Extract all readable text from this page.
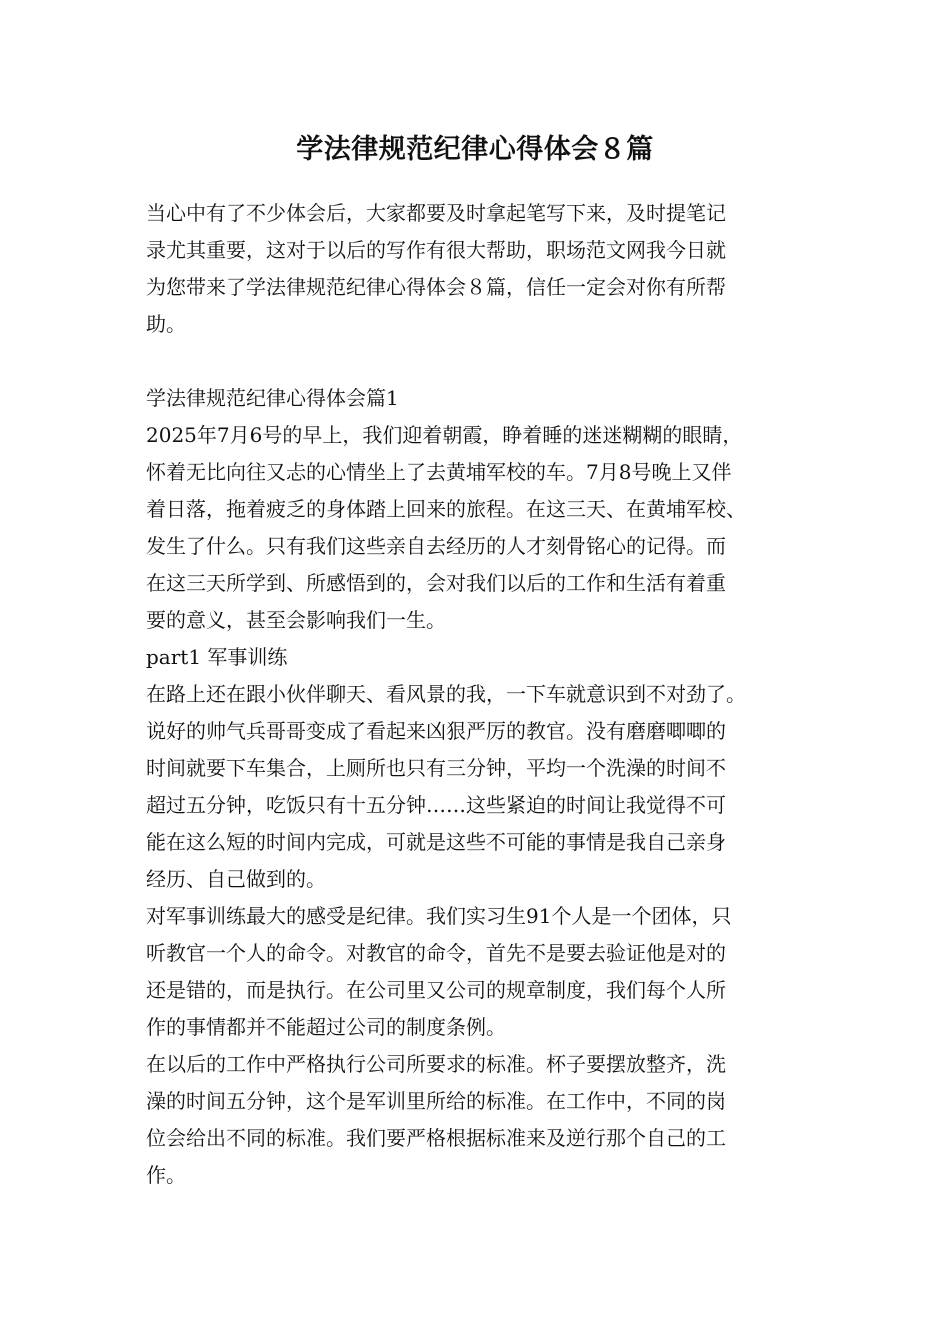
学法律规范纪律心得体会８篇
当心中有了不少体会后，大家都要及时拿起笔写下来，及时提笔记
录尤其重要，这对于以后的写作有很大帮助，职场范文网我今日就
为您带来了学法律规范纪律心得体会８篇，信任一定会对你有所帮
助。
学法律规范纪律心得体会篇1
2025年7月6号的早上，我们迎着朝霞，睁着睡的迷迷糊糊的眼睛，
怀着无比向往又忐的心情坐上了去黄埔军校的车。7月8号晚上又伴
着日落，拖着疲乏的身体踏上回来的旅程。在这三天、在黄埔军校、
发生了什么。只有我们这些亲自去经历的人才刻骨铭心的记得。而
在这三天所学到、所感悟到的，会对我们以后的工作和生活有着重
要的意义，甚至会影响我们一生。
part1 军事训练
在路上还在跟小伙伴聊天、看风景的我，一下车就意识到不对劲了。
说好的帅气兵哥哥变成了看起来凶狠严厉的教官。没有磨磨唧唧的
时间就要下车集合，上厕所也只有三分钟，平均一个洗澡的时间不
超过五分钟，吃饭只有十五分钟……这些紧迫的时间让我觉得不可
能在这么短的时间内完成，可就是这些不可能的事情是我自己亲身
经历、自己做到的。
对军事训练最大的感受是纪律。我们实习生91个人是一个团体，只
听教官一个人的命令。对教官的命令，首先不是要去验证他是对的
还是错的，而是执行。在公司里又公司的规章制度，我们每个人所
作的事情都并不能超过公司的制度条例。
在以后的工作中严格执行公司所要求的标准。杯子要摆放整齐，洗
澡的时间五分钟，这个是军训里所给的标准。在工作中，不同的岗
位会给出不同的标准。我们要严格根据标准来及逆行那个自己的工
作。
